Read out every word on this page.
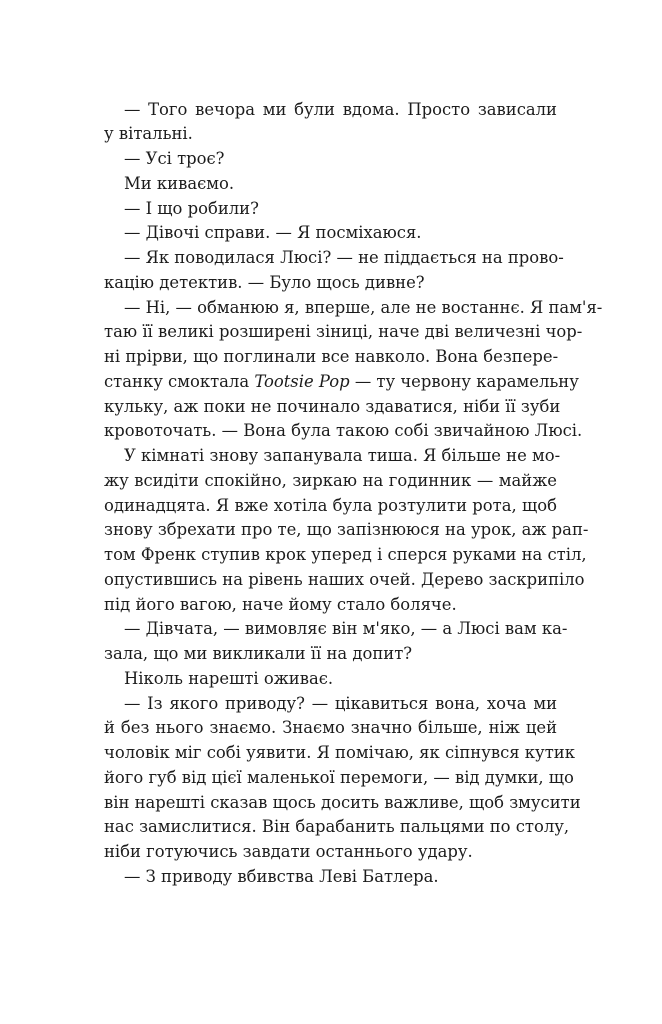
— Того вечора ми були вдома. Просто зависали
у вітальні.
— Усі троє?
Ми киваємо.
— І що робили?
— Дівочі справи. — Я посміхаюся.
— Як поводилася Люсі? — не піддається на прово-
кацію детектив. — Було щось дивне?
— Ні, — обманюю я, вперше, але не востаннє. Я пам'я-
таю її великі розширені зіниці, наче дві величезні чор-
ні прірви, що поглинали все навколо. Вона безпере-
станку смоктала Tootsie Pop — ту червону карамельну
кульку, аж поки не починало здаватися, ніби її зуби
кровоточать. — Вона була такою собі звичайною Люсі.
У кімнаті знову запанувала тиша. Я більше не мо-
жу всидіти спокійно, зиркаю на годинник — майже
одинадцята. Я вже хотіла була розтулити рота, щоб
знову збрехати про те, що запізнююся на урок, аж рап-
том Френк ступив крок уперед і сперся руками на стіл,
опустившись на рівень наших очей. Дерево заскрипіло
під його вагою, наче йому стало боляче.
— Дівчата, — вимовляє він м'яко, — а Люсі вам ка-
зала, що ми викликали її на допит?
Ніколь нарешті оживає.
— Із якого приводу? — цікавиться вона, хоча ми
й без нього знаємо. Знаємо значно більше, ніж цей
чоловік міг собі уявити. Я помічаю, як сіпнувся кутик
його губ від цієї маленької перемоги, — від думки, що
він нарешті сказав щось досить важливе, щоб змусити
нас замислитися. Він барабанить пальцями по столу,
ніби готуючись завдати останнього удару.
— З приводу вбивства Леві Батлера.
